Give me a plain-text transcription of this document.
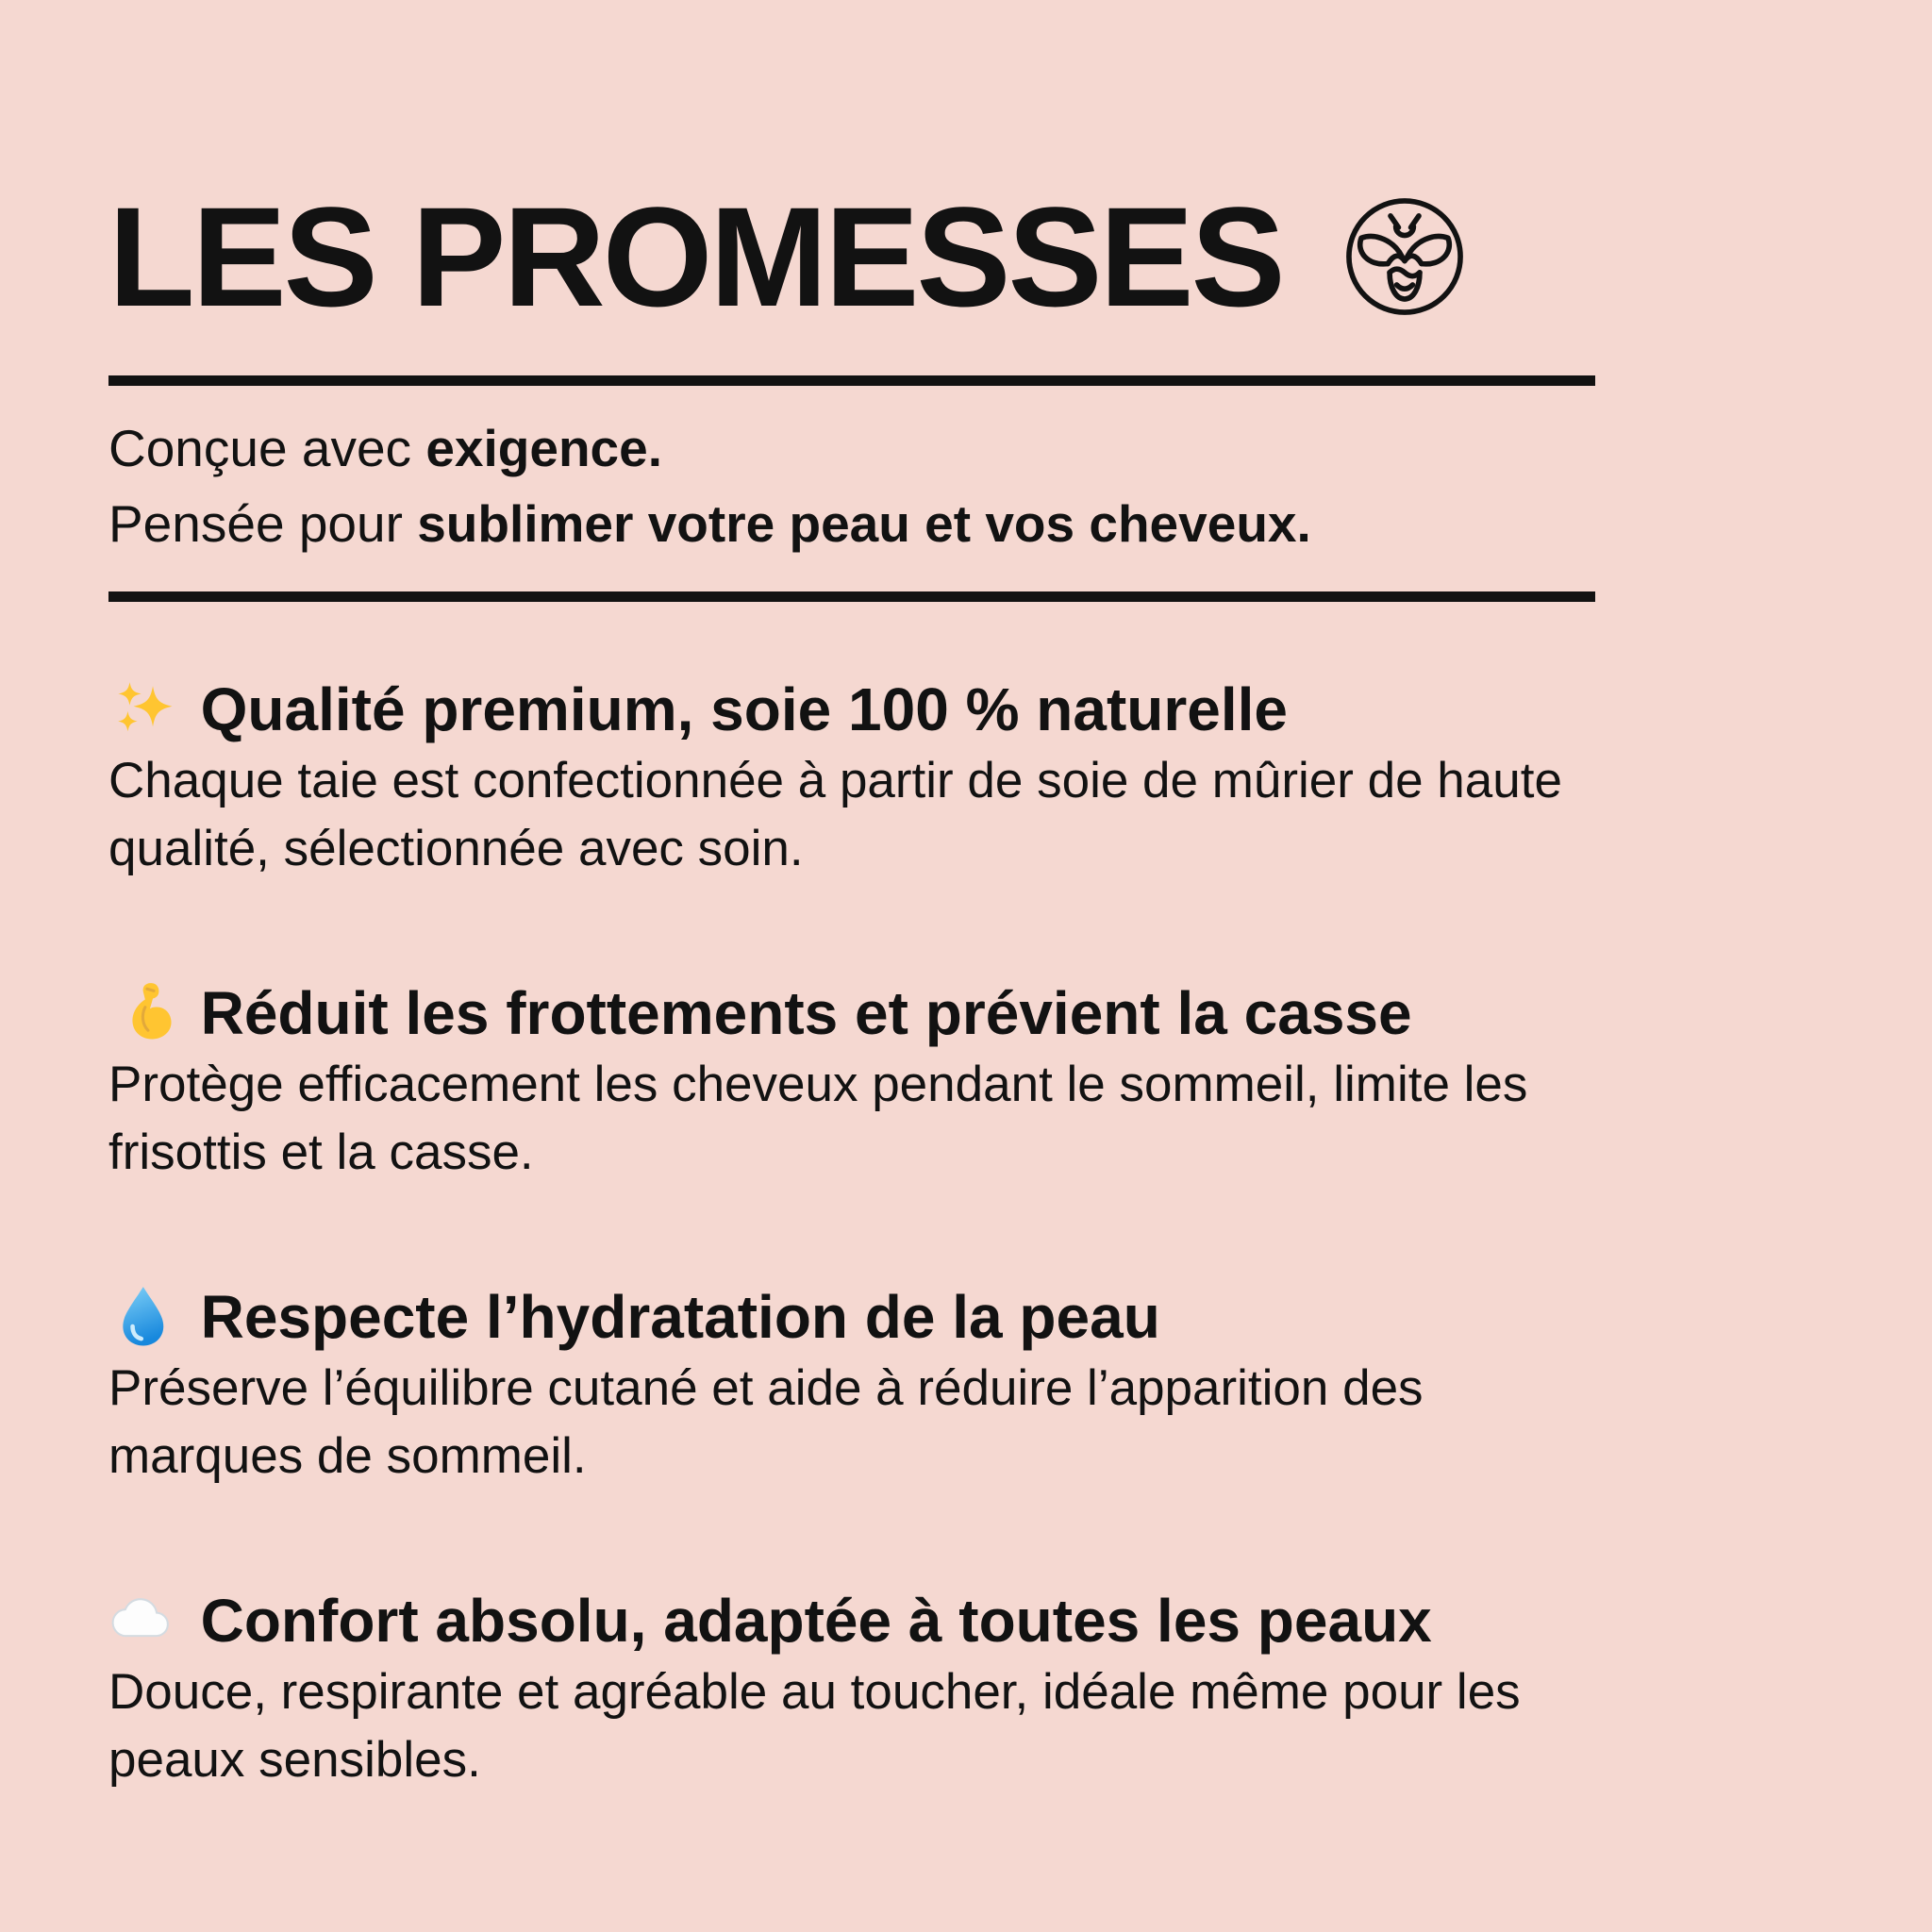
LES PROMESSES

Conçue avec exigence.

Pensée pour sublimer votre peau et vos cheveux.

Qualité premium, soie 100 % naturelle

Chaque taie est confectionnée à partir de soie de mûrier de haute
qualité, sélectionnée avec soin.

Réduit les frottements et prévient la casse

Protège efficacement les cheveux pendant le sommeil, limite les
frisottis et la casse.

Respecte l’hydratation de la peau

Préserve l’équilibre cutané et aide à réduire l’apparition des
marques de sommeil.

Confort absolu, adaptée à toutes les peaux

Douce, respirante et agréable au toucher, idéale même pour les
peaux sensibles.
